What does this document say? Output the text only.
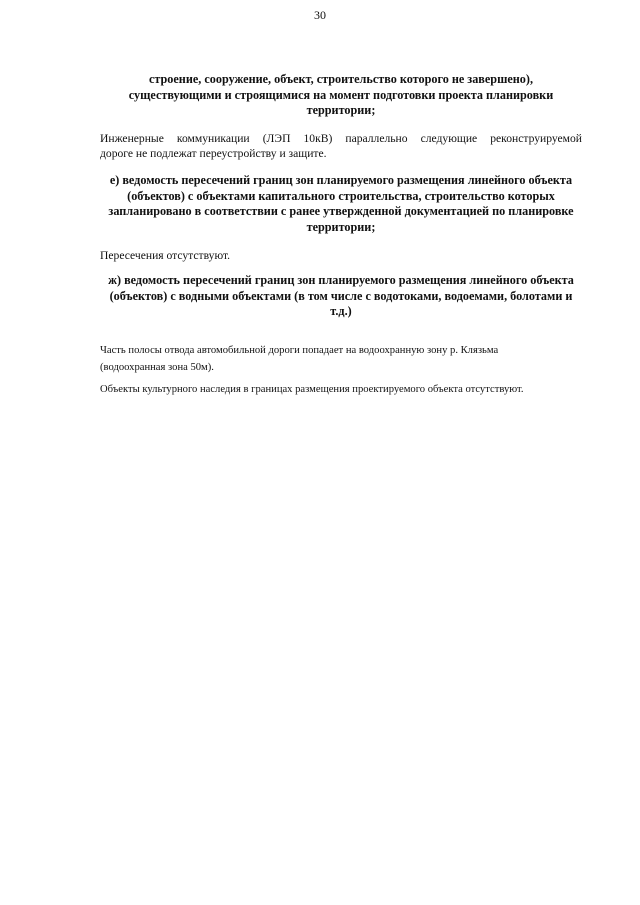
30
строение, сооружение, объект, строительство которого не завершено),
существующими и строящимися на момент подготовки проекта планировки
территории;
Инженерные коммуникации (ЛЭП 10кВ) параллельно следующие реконструируемой
дороге не подлежат переустройству и защите.
е) ведомость пересечений границ зон планируемого размещения линейного объекта
(объектов) с объектами капитального строительства, строительство которых
запланировано в соответствии с ранее утвержденной документацией по планировке
территории;
Пересечения отсутствуют.
ж) ведомость пересечений границ зон планируемого размещения линейного объекта
(объектов) с водными объектами (в том числе с водотоками, водоемами, болотами и
т.д.)
Часть полосы отвода автомобильной дороги попадает на водоохранную зону р. Клязьма
(водоохранная зона 50м).
Объекты культурного наследия в границах размещения проектируемого объекта отсутствуют.
